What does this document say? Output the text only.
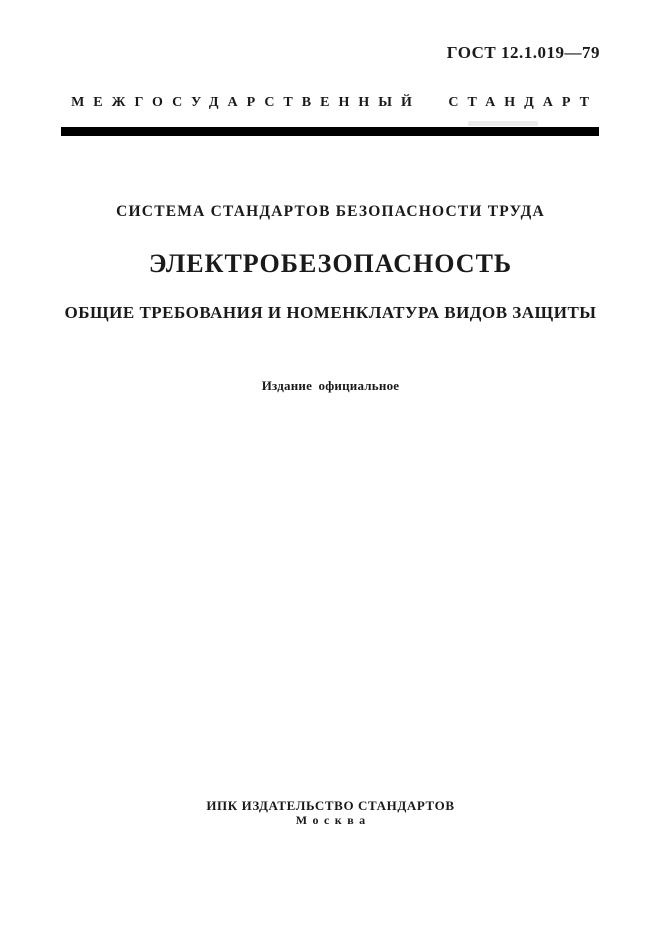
ГОСТ 12.1.019—79
МЕЖГОСУДАРСТВЕННЫЙ СТАНДАРТ
СИСТЕМА СТАНДАРТОВ БЕЗОПАСНОСТИ ТРУДА
ЭЛЕКТРОБЕЗОПАСНОСТЬ
ОБЩИЕ ТРЕБОВАНИЯ И НОМЕНКЛАТУРА ВИДОВ ЗАЩИТЫ
Издание официальное
ИПК ИЗДАТЕЛЬСТВО СТАНДАРТОВ
Москва
